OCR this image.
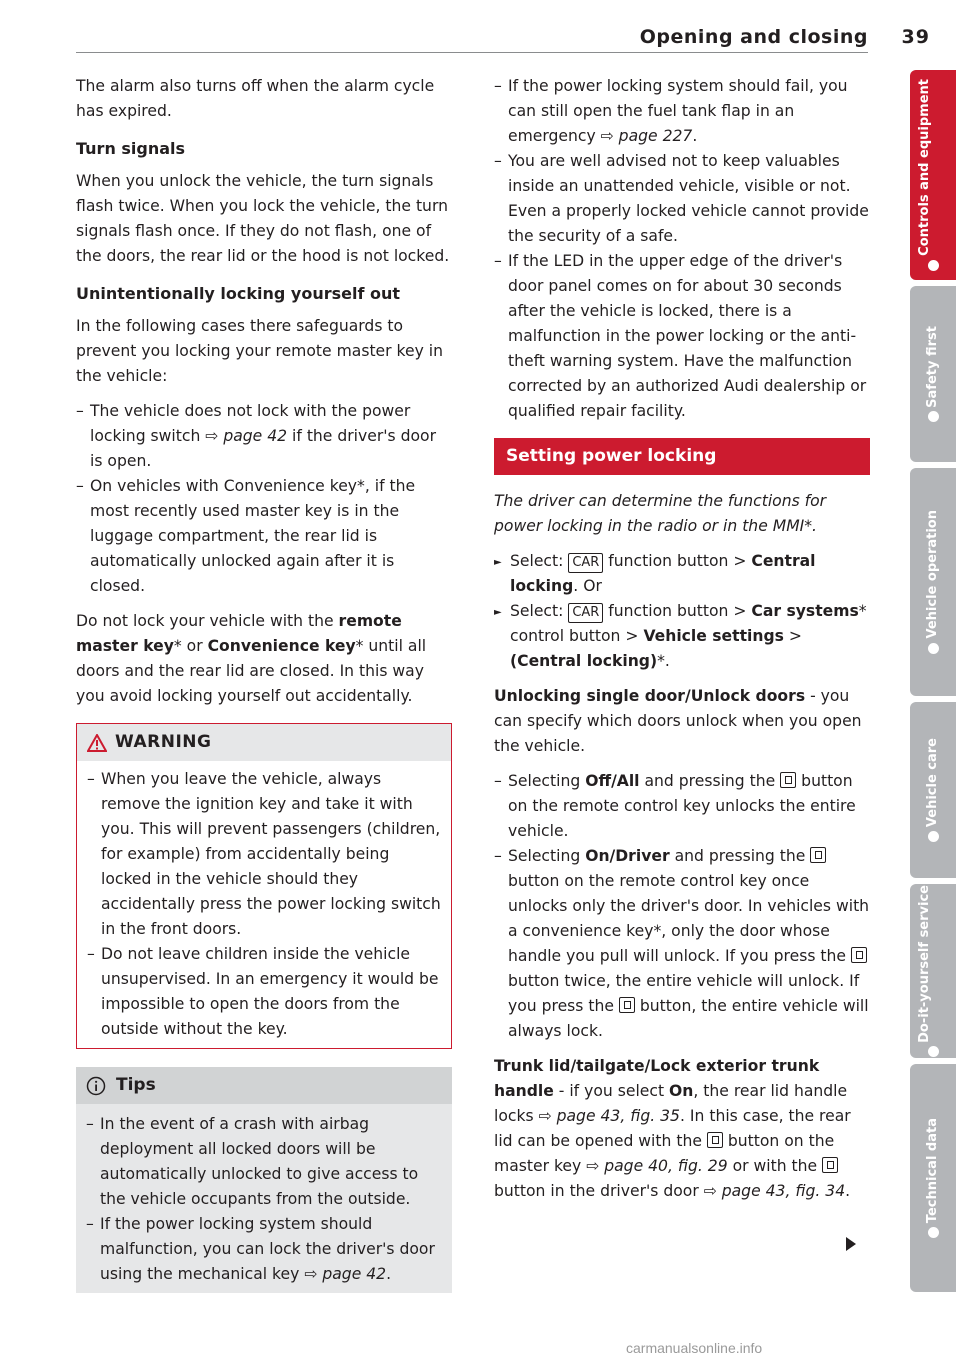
Opening and closing 39

The alarm also turns off when the alarm cycle has expired.

Turn signals

When you unlock the vehicle, the turn signals flash twice. When you lock the vehicle, the turn signals flash once. If they do not flash, one of the doors, the rear lid or the hood is not locked.

Unintentionally locking yourself out

In the following cases there safeguards to prevent you locking your remote master key in the vehicle:

– The vehicle does not lock with the power locking switch ⇨ page 42 if the driver's door is open.
– On vehicles with Convenience key*, if the most recently used master key is in the luggage compartment, the rear lid is automatically unlocked again after it is closed.

Do not lock your vehicle with the remote master key* or Convenience key* until all doors and the rear lid are closed. In this way you avoid locking yourself out accidentally.

WARNING
– When you leave the vehicle, always remove the ignition key and take it with you. This will prevent passengers (children, for example) from accidentally being locked in the vehicle should they accidentally press the power locking switch in the front doors.
– Do not leave children inside the vehicle unsupervised. In an emergency it would be impossible to open the doors from the outside without the key.
Tips
– In the event of a crash with airbag deployment all locked doors will be automatically unlocked to give access to the vehicle occupants from the outside.
– If the power locking system should malfunction, you can lock the driver's door using the mechanical key ⇨ page 42.
– If the power locking system should fail, you can still open the fuel tank flap in an emergency ⇨ page 227.
– You are well advised not to keep valuables inside an unattended vehicle, visible or not. Even a properly locked vehicle cannot provide the security of a safe.
– If the LED in the upper edge of the driver's door panel comes on for about 30 seconds after the vehicle is locked, there is a malfunction in the power locking or the anti-theft warning system. Have the malfunction corrected by an authorized Audi dealership or qualified repair facility.
Setting power locking

The driver can determine the functions for power locking in the radio or in the MMI*.

► Select: CAR function button > Central locking. Or

► Select: CAR function button > Car systems* control button > Vehicle settings > (Central locking)*.

Unlocking single door/Unlock doors - you can specify which doors unlock when you open the vehicle.

– Selecting Off/All and pressing the  button on the remote control key unlocks the entire vehicle.
– Selecting On/Driver and pressing the  button on the remote control key once unlocks only the driver's door. In vehicles with a convenience key*, only the door whose handle you pull will unlock. If you press the  button twice, the entire vehicle will unlock. If you press the  button, the entire vehicle will always lock.

Trunk lid/tailgate/Lock exterior trunk handle - if you select On, the rear lid handle locks ⇨ page 43, fig. 35. In this case, the rear lid can be opened with the  button on the master key ⇨ page 40, fig. 29 or with the  button in the driver's door ⇨ page 43, fig. 34.

Controls and equipment
Safety first
Vehicle operation
Vehicle care
Do-it-yourself service
Technical data
carmanualsonline.info
